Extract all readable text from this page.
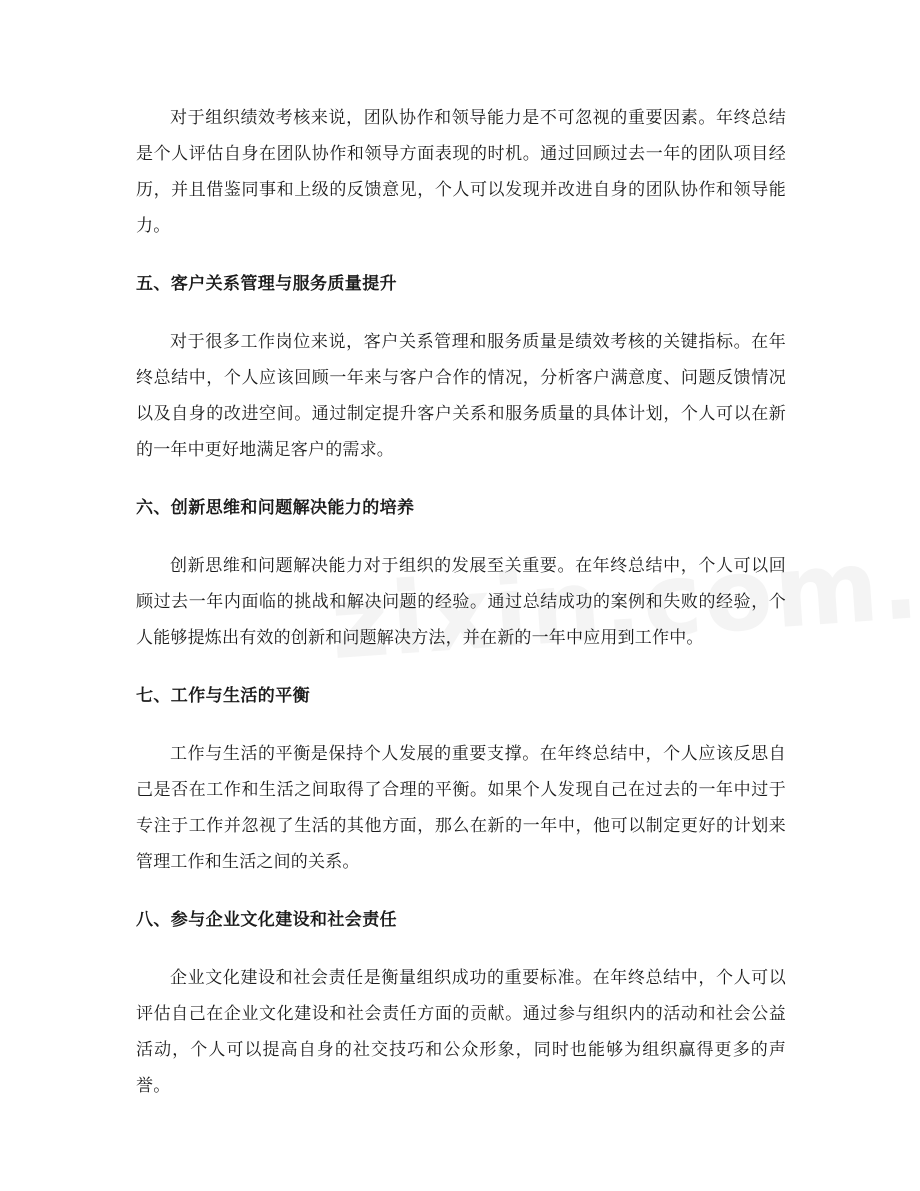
对于组织绩效考核来说，团队协作和领导能力是不可忽视的重要因素。年终总结是个人评估自身在团队协作和领导方面表现的时机。通过回顾过去一年的团队项目经历，并且借鉴同事和上级的反馈意见，个人可以发现并改进自身的团队协作和领导能力。

五、客户关系管理与服务质量提升

对于很多工作岗位来说，客户关系管理和服务质量是绩效考核的关键指标。在年终总结中，个人应该回顾一年来与客户合作的情况，分析客户满意度、问题反馈情况以及自身的改进空间。通过制定提升客户关系和服务质量的具体计划，个人可以在新的一年中更好地满足客户的需求。

六、创新思维和问题解决能力的培养

创新思维和问题解决能力对于组织的发展至关重要。在年终总结中，个人可以回顾过去一年内面临的挑战和解决问题的经验。通过总结成功的案例和失败的经验，个人能够提炼出有效的创新和问题解决方法，并在新的一年中应用到工作中。

七、工作与生活的平衡

工作与生活的平衡是保持个人发展的重要支撑。在年终总结中，个人应该反思自己是否在工作和生活之间取得了合理的平衡。如果个人发现自己在过去的一年中过于专注于工作并忽视了生活的其他方面，那么在新的一年中，他可以制定更好的计划来管理工作和生活之间的关系。

八、参与企业文化建设和社会责任

企业文化建设和社会责任是衡量组织成功的重要标准。在年终总结中，个人可以评估自己在企业文化建设和社会责任方面的贡献。通过参与组织内的活动和社会公益活动，个人可以提高自身的社交技巧和公众形象，同时也能够为组织赢得更多的声誉。
